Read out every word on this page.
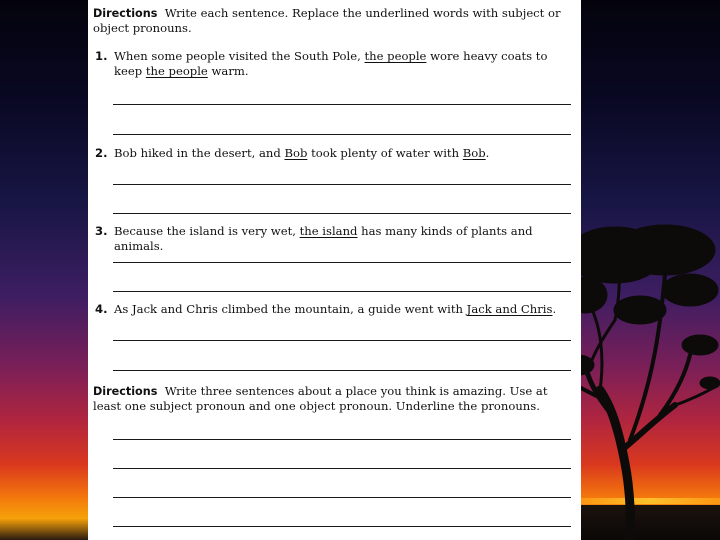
Directions Write each sentence. Replace the underlined words with subject or object pronouns.
1. When some people visited the South Pole, the people wore heavy coats to keep the people warm.
2. Bob hiked in the desert, and Bob took plenty of water with Bob.
3. Because the island is very wet, the island has many kinds of plants and animals.
4. As Jack and Chris climbed the mountain, a guide went with Jack and Chris.
Directions Write three sentences about a place you think is amazing. Use at least one subject pronoun and one object pronoun. Underline the pronouns.
